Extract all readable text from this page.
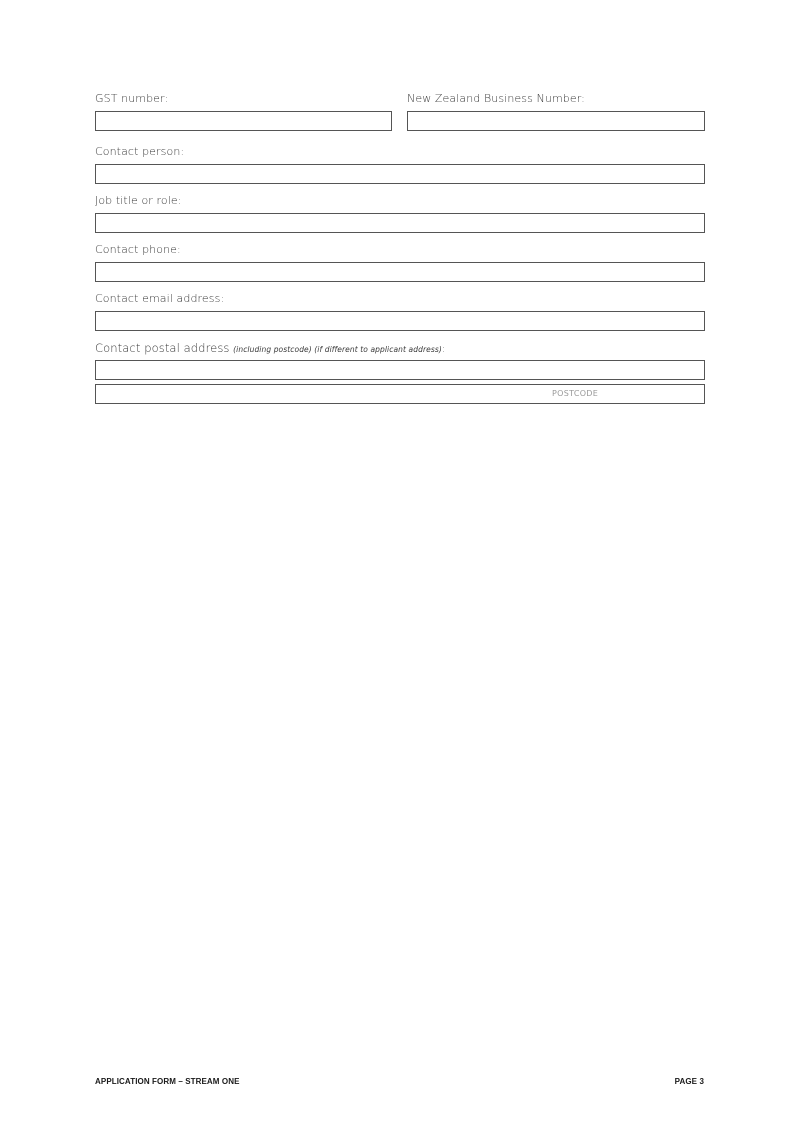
GST number:	New Zealand Business Number:
Contact person:
Job title or role:
Contact phone:
Contact email address:
Contact postal address (including postcode) (if different to applicant address):
POSTCODE
APPLICATION FORM – STREAM ONE	PAGE 3
